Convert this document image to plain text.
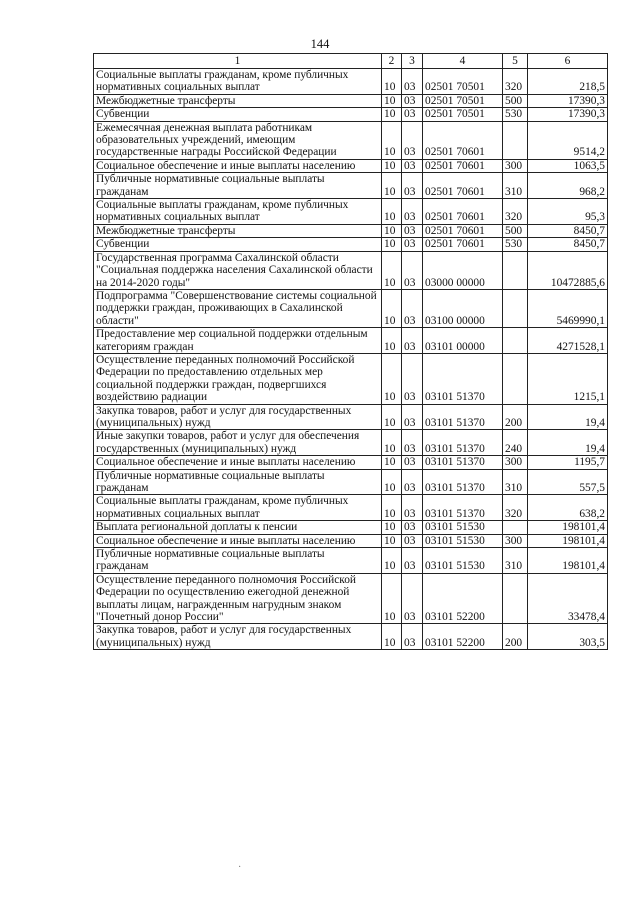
144
1	2	3	4	5	6
Социальные выплаты гражданам, кроме публичных нормативных социальных выплат	10	03	02501 70501	320	218,5
Межбюджетные трансферты	10	03	02501 70501	500	17390,3
Субвенции	10	03	02501 70501	530	17390,3
Ежемесячная денежная выплата работникам образовательных учреждений, имеющим государственные награды Российской Федерации	10	03	02501 70601		9514,2
Социальное обеспечение и иные выплаты населению	10	03	02501 70601	300	1063,5
Публичные нормативные социальные выплаты гражданам	10	03	02501 70601	310	968,2
Социальные выплаты гражданам, кроме публичных нормативных социальных выплат	10	03	02501 70601	320	95,3
Межбюджетные трансферты	10	03	02501 70601	500	8450,7
Субвенции	10	03	02501 70601	530	8450,7
Государственная программа Сахалинской области "Социальная поддержка населения Сахалинской области на 2014-2020 годы"	10	03	03000 00000		10472885,6
Подпрограмма "Совершенствование системы социальной поддержки граждан, проживающих в Сахалинской области"	10	03	03100 00000		5469990,1
Предоставление мер социальной поддержки отдельным категориям граждан	10	03	03101 00000		4271528,1
Осуществление переданных полномочий Российской Федерации по предоставлению отдельных мер социальной поддержки граждан, подвергшихся воздействию радиации	10	03	03101 51370		1215,1
Закупка товаров, работ и услуг для государственных (муниципальных) нужд	10	03	03101 51370	200	19,4
Иные закупки товаров, работ и услуг для обеспечения государственных (муниципальных) нужд	10	03	03101 51370	240	19,4
Социальное обеспечение и иные выплаты населению	10	03	03101 51370	300	1195,7
Публичные нормативные социальные выплаты гражданам	10	03	03101 51370	310	557,5
Социальные выплаты гражданам, кроме публичных нормативных социальных выплат	10	03	03101 51370	320	638,2
Выплата региональной доплаты к пенсии	10	03	03101 51530		198101,4
Социальное обеспечение и иные выплаты населению	10	03	03101 51530	300	198101,4
Публичные нормативные социальные выплаты гражданам	10	03	03101 51530	310	198101,4
Осуществление переданного полномочия Российской Федерации по осуществлению ежегодной денежной выплаты лицам, награжденным нагрудным знаком "Почетный донор России"	10	03	03101 52200		33478,4
Закупка товаров, работ и услуг для государственных (муниципальных) нужд	10	03	03101 52200	200	303,5
·
